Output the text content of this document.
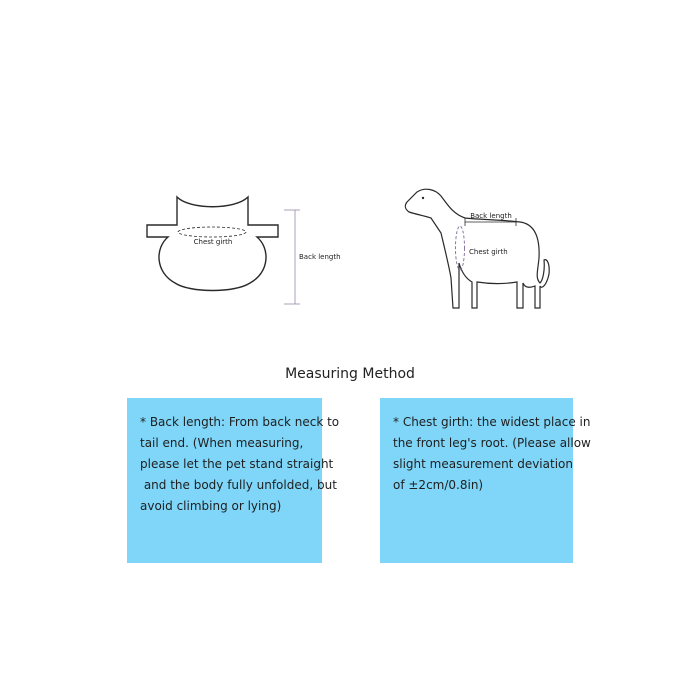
Chest girth
Back length
Back length
Chest girth
Measuring Method
* Back length: From back neck to
tail end. (When measuring,
please let the pet stand straight
and the body fully unfolded, but
avoid climbing or lying)
* Chest girth: the widest place in
the front leg's root. (Please allow
slight measurement deviation
of ±2cm/0.8in)
